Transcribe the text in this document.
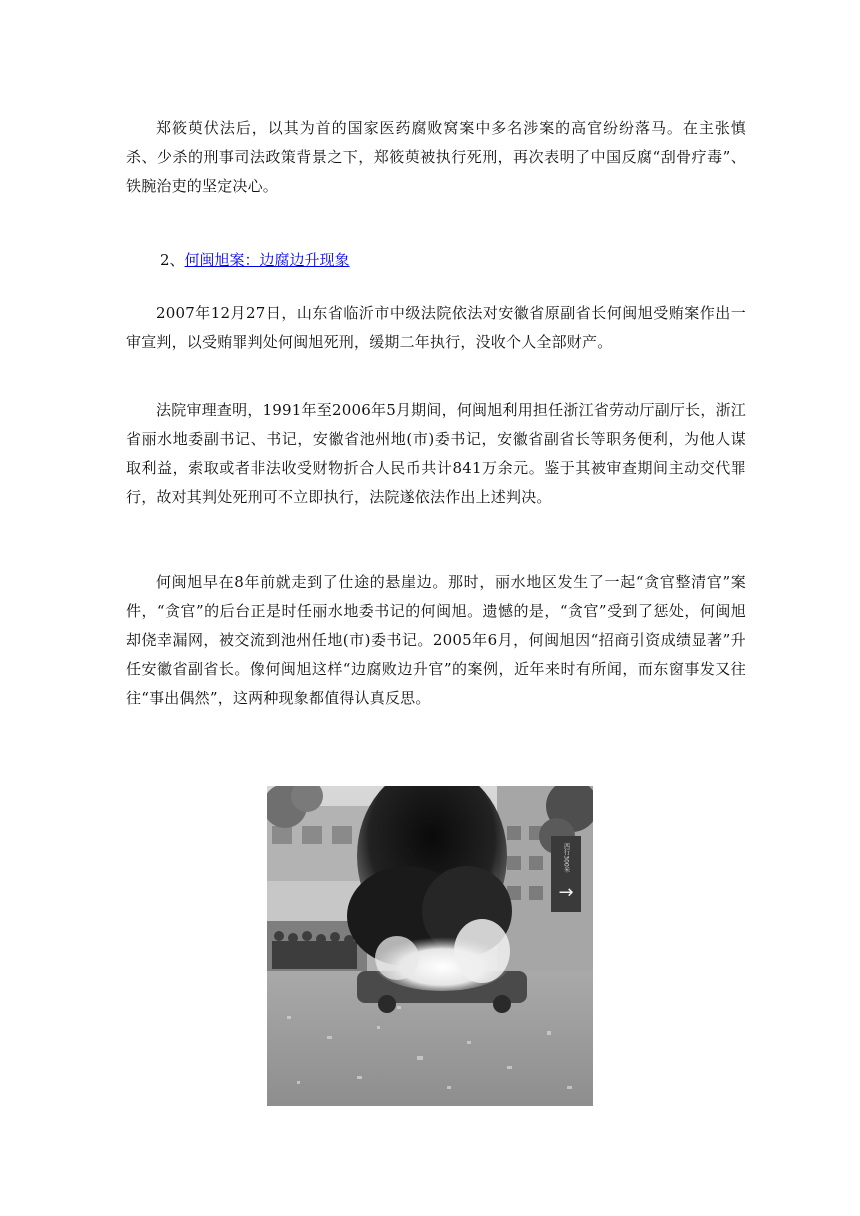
郑筱萸伏法后，以其为首的国家医药腐败窝案中多名涉案的高官纷纷落马。在主张慎杀、少杀的刑事司法政策背景之下，郑筱萸被执行死刑，再次表明了中国反腐“刮骨疗毒”、铁腕治吏的坚定决心。

2、何闽旭案：边腐边升现象

2007年12月27日，山东省临沂市中级法院依法对安徽省原副省长何闽旭受贿案作出一审宣判，以受贿罪判处何闽旭死刑，缓期二年执行，没收个人全部财产。

法院审理查明，1991年至2006年5月期间，何闽旭利用担任浙江省劳动厅副厅长，浙江省丽水地委副书记、书记，安徽省池州地(市)委书记，安徽省副省长等职务便利，为他人谋取利益，索取或者非法收受财物折合人民币共计841万余元。鉴于其被审查期间主动交代罪行，故对其判处死刑可不立即执行，法院遂依法作出上述判决。

何闽旭早在8年前就走到了仕途的悬崖边。那时，丽水地区发生了一起“贪官整清官”案件，“贪官”的后台正是时任丽水地委书记的何闽旭。遗憾的是，“贪官”受到了惩处，何闽旭却侥幸漏网，被交流到池州任地(市)委书记。2005年6月，何闽旭因“招商引资成绩显著”升任安徽省副省长。像何闽旭这样“边腐败边升官”的案例，近年来时有所闻，而东窗事发又往往“事出偶然”，这两种现象都值得认真反思。

西行300米
→
